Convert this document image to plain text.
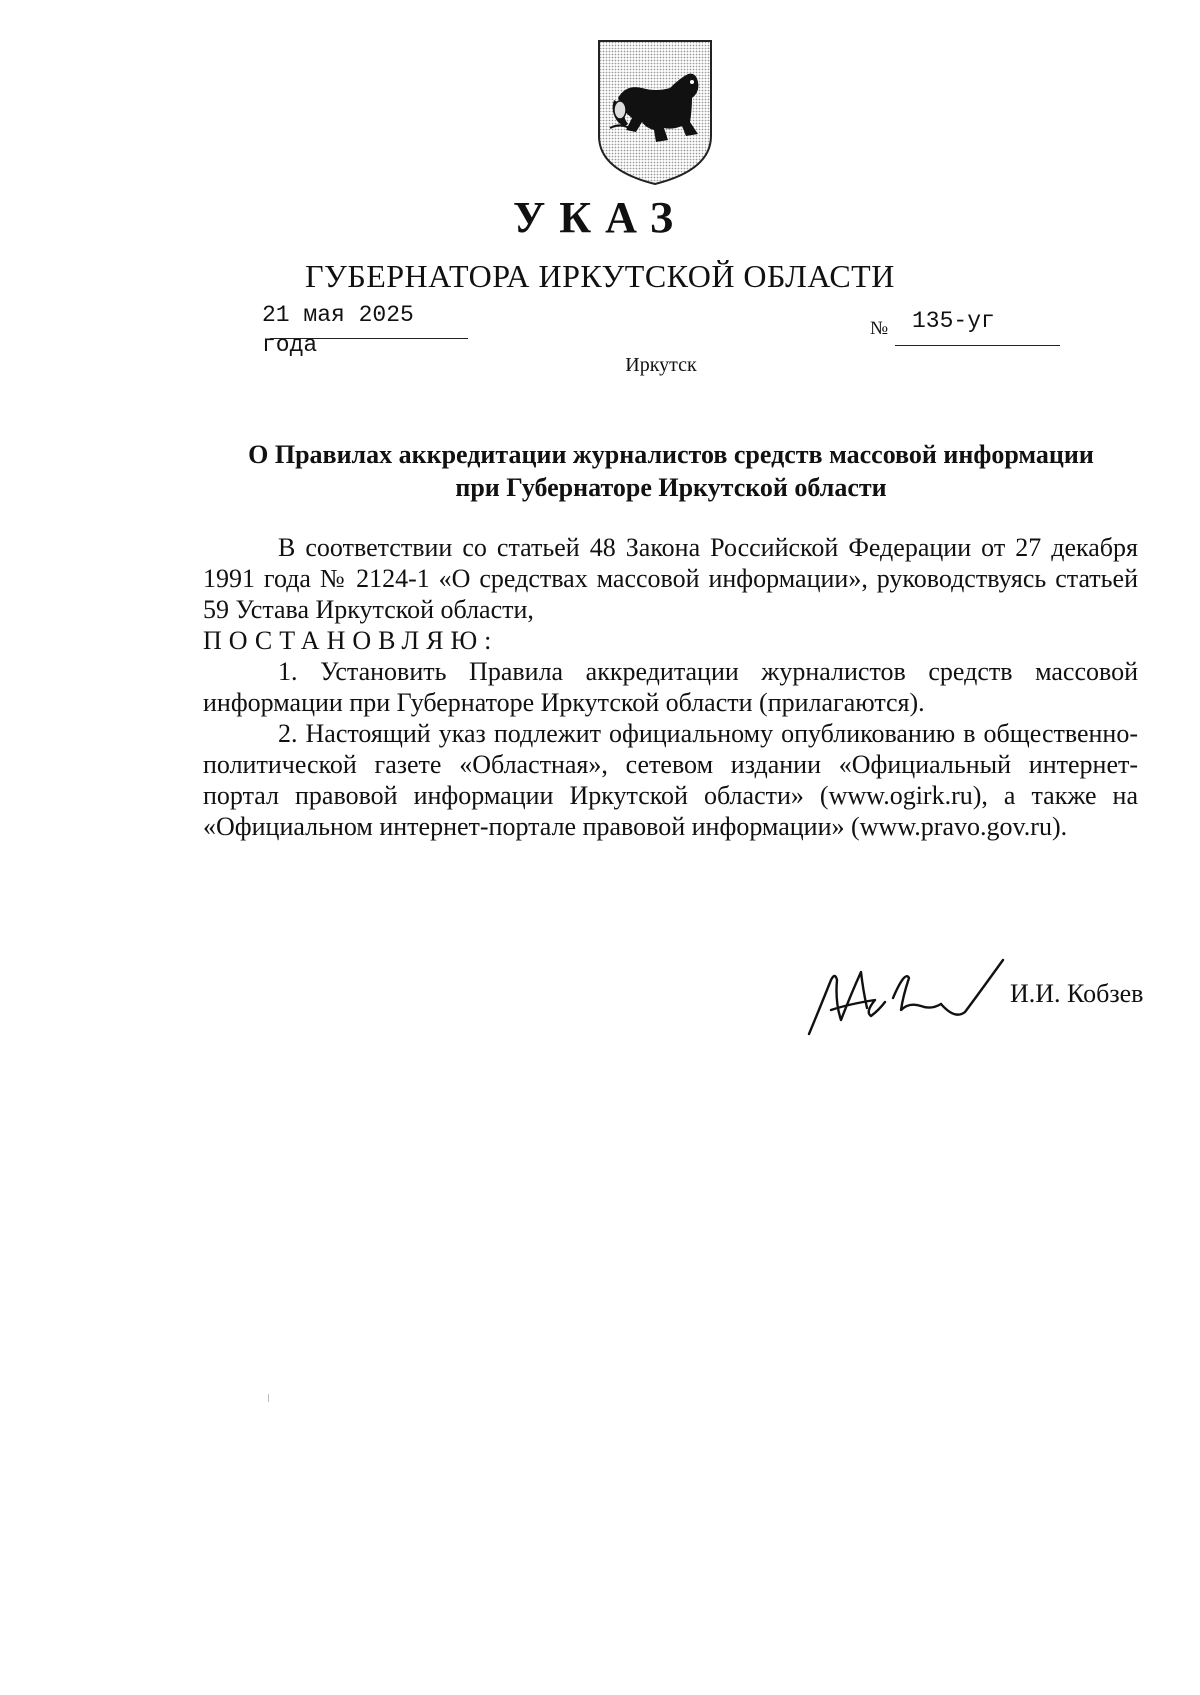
УКАЗ
ГУБЕРНАТОРА ИРКУТСКОЙ ОБЛАСТИ
21 мая 2025 года
№ 135-уг
Иркутск
О Правилах аккредитации журналистов средств массовой информации
при Губернаторе Иркутской области

В соответствии со статьей 48 Закона Российской Федерации от 27 декабря 1991 года № 2124-1 «О средствах массовой информации», руководствуясь статьей 59 Устава Иркутской области,

ПОСТАНОВЛЯЮ:

1. Установить Правила аккредитации журналистов средств массовой информации при Губернаторе Иркутской области (прилагаются).

2. Настоящий указ подлежит официальному опубликованию в общественно-политической газете «Областная», сетевом издании «Официальный интернет-портал правовой информации Иркутской области» (www.ogirk.ru), а также на «Официальном интернет-портале правовой информации» (www.pravo.gov.ru).

И.И. Кобзев
